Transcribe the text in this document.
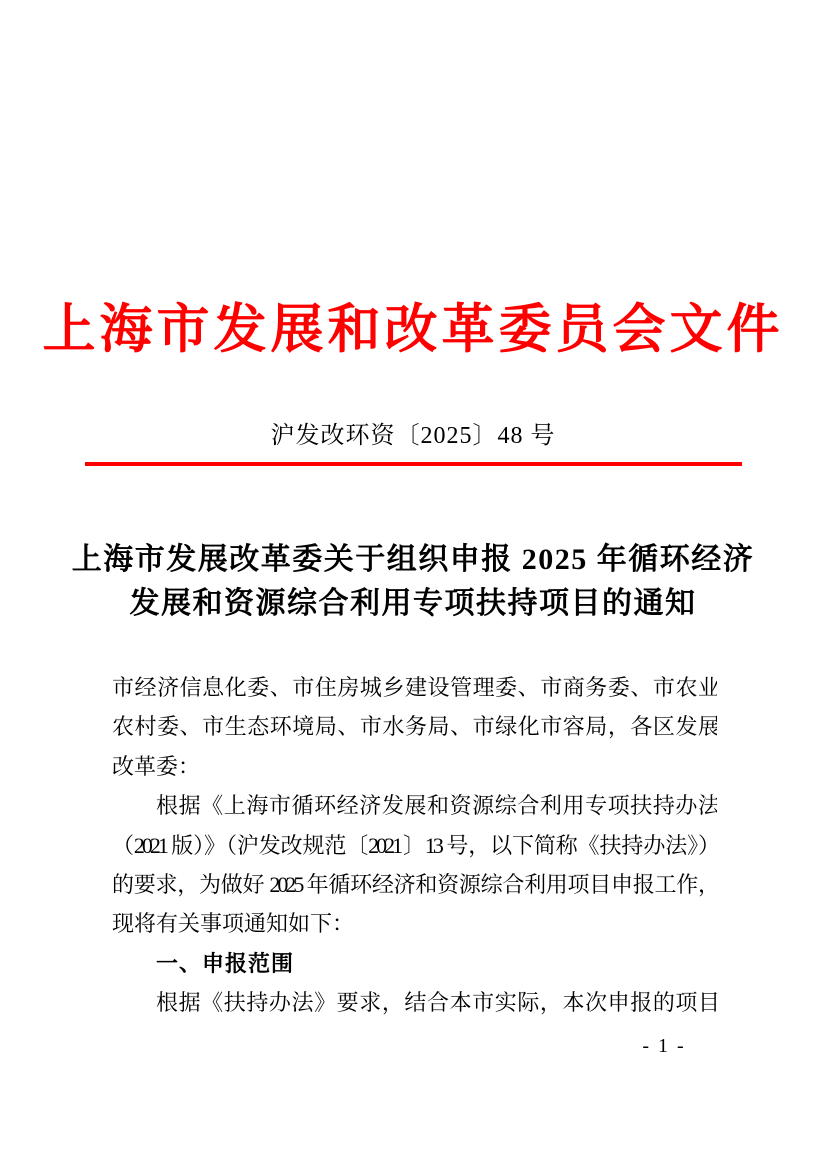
上海市发展和改革委员会文件
沪发改环资〔2025〕48 号
上海市发展改革委关于组织申报 2025 年循环经济
发展和资源综合利用专项扶持项目的通知
市经济信息化委、市住房城乡建设管理委、市商务委、市农业
农村委、市生态环境局、市水务局、市绿化市容局，各区发展
改革委：
根据《上海市循环经济发展和资源综合利用专项扶持办法
（2021 版）》（沪发改规范〔2021〕13 号，以下简称《扶持办法》）
的要求，为做好 2025 年循环经济和资源综合利用项目申报工作，
现将有关事项通知如下：
一、申报范围
根据《扶持办法》要求，结合本市实际，本次申报的项目
- 1 -
